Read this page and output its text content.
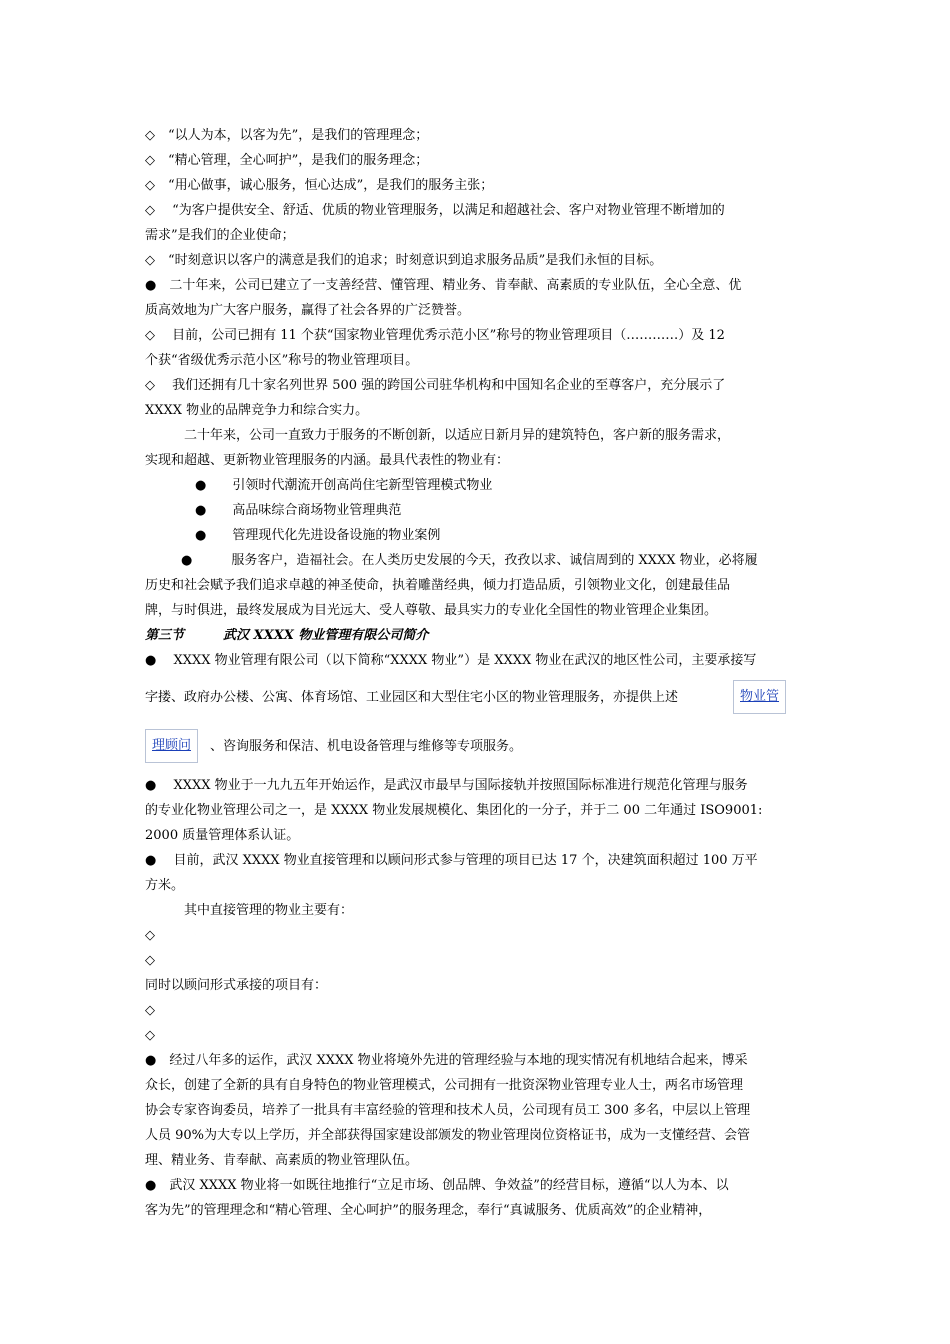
◇　“以人为本，以客为先”，是我们的管理理念；
◇　“精心管理，全心呵护”，是我们的服务理念；
◇　“用心做事，诚心服务，恒心达成”，是我们的服务主张；
◇　 “为客户提供安全、舒适、优质的物业管理服务，以满足和超越社会、客户对物业管理不断增加的
需求”是我们的企业使命；
◇　“时刻意识以客户的满意是我们的追求；时刻意识到追求服务品质”是我们永恒的目标。
●　二十年来，公司已建立了一支善经营、懂管理、精业务、肯奉献、高素质的专业队伍，全心全意、优
质高效地为广大客户服务，赢得了社会各界的广泛赞誉。
◇　 目前，公司已拥有 11 个获“国家物业管理优秀示范小区”称号的物业管理项目（…………）及 12
个获“省级优秀示范小区”称号的物业管理项目。
◇　 我们还拥有几十家名列世界 500 强的跨国公司驻华机构和中国知名企业的至尊客户，充分展示了
XXXX 物业的品牌竞争力和综合实力。
　　　二十年来，公司一直致力于服务的不断创新，以适应日新月异的建筑特色，客户新的服务需求，
实现和超越、更新物业管理服务的内涵。最具代表性的物业有：
●　　引领时代潮流开创高尚住宅新型管理模式物业
●　　高品味综合商场物业管理典范
●　　管理现代化先进设备设施的物业案例
●　　　服务客户，造福社会。在人类历史发展的今天，孜孜以求、诚信周到的 XXXX 物业，必将履
历史和社会赋予我们追求卓越的神圣使命，执着雕凿经典，倾力打造品质，引领物业文化，创建最佳品
牌，与时俱进，最终发展成为目光远大、受人尊敬、最具实力的专业化全国性的物业管理企业集团。
第三节　　　武汉 XXXX 物业管理有限公司简介
●　 XXXX 物业管理有限公司（以下简称“XXXX 物业”）是 XXXX 物业在武汉的地区性公司，主要承接写
字搂、政府办公楼、公寓、体育场馆、工业园区和大型住宅小区的物业管理服务，亦提供上述	物业管
理顾问	、咨询服务和保洁、机电设备管理与维修等专项服务。
●　 XXXX 物业于一九九五年开始运作，是武汉市最早与国际接轨并按照国际标准进行规范化管理与服务
的专业化物业管理公司之一，是 XXXX 物业发展规模化、集团化的一分子，并于二 00 二年通过 ISO9001:
2000 质量管理体系认证。
●　 目前，武汉 XXXX 物业直接管理和以顾问形式参与管理的项目已达 17 个，决建筑面积超过 100 万平
方米。
　　　其中直接管理的物业主要有：
◇
◇
同时以顾问形式承接的项目有：
◇
◇
●　经过八年多的运作，武汉 XXXX 物业将境外先进的管理经验与本地的现实情况有机地结合起来，博采
众长，创建了全新的具有自身特色的物业管理模式，公司拥有一批资深物业管理专业人士，两名市场管理
协会专家咨询委员，培养了一批具有丰富经验的管理和技术人员，公司现有员工 300 多名，中层以上管理
人员 90%为大专以上学历，并全部获得国家建设部颁发的物业管理岗位资格证书，成为一支懂经营、会管
理、精业务、肯奉献、高素质的物业管理队伍。
●　武汉 XXXX 物业将一如既往地推行“立足市场、创品牌、争效益”的经营目标，遵循“以人为本、以
客为先”的管理理念和“精心管理、全心呵护”的服务理念，奉行“真诚服务、优质高效”的企业精神，
